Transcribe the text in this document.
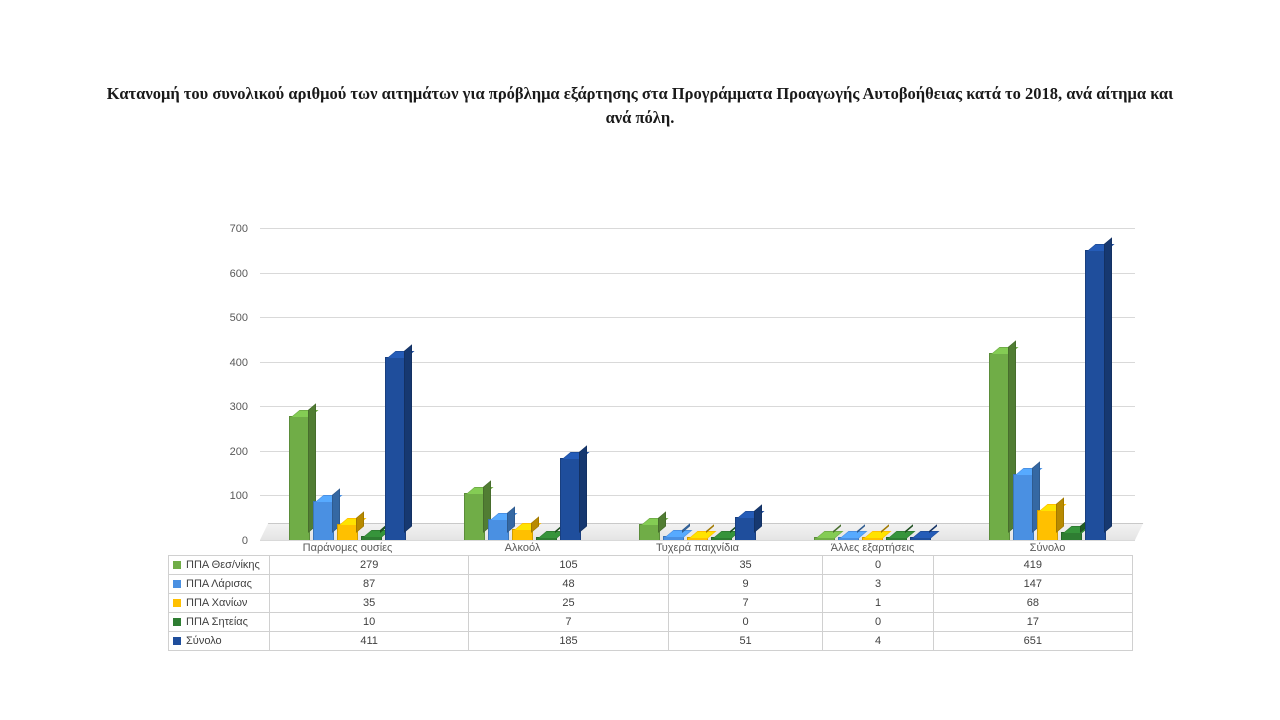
Κατανομή του συνολικού αριθμού των αιτημάτων για πρόβλημα εξάρτησης στα Προγράμματα Προαγωγής Αυτοβοήθειας κατά το 2018, ανά αίτημα και ανά πόλη.
0
100
200
300
400
500
600
700
Παράνομες ουσίες	Αλκοόλ	Τυχερά παιχνίδια	Άλλες εξαρτήσεις	Σύνολο
ΠΠΑ Θεσ/νίκης	279	105	35	0	419
ΠΠΑ Λάρισας	87	48	9	3	147
ΠΠΑ Χανίων	35	25	7	1	68
ΠΠΑ Σητείας	10	7	0	0	17
Σύνολο	411	185	51	4	651
